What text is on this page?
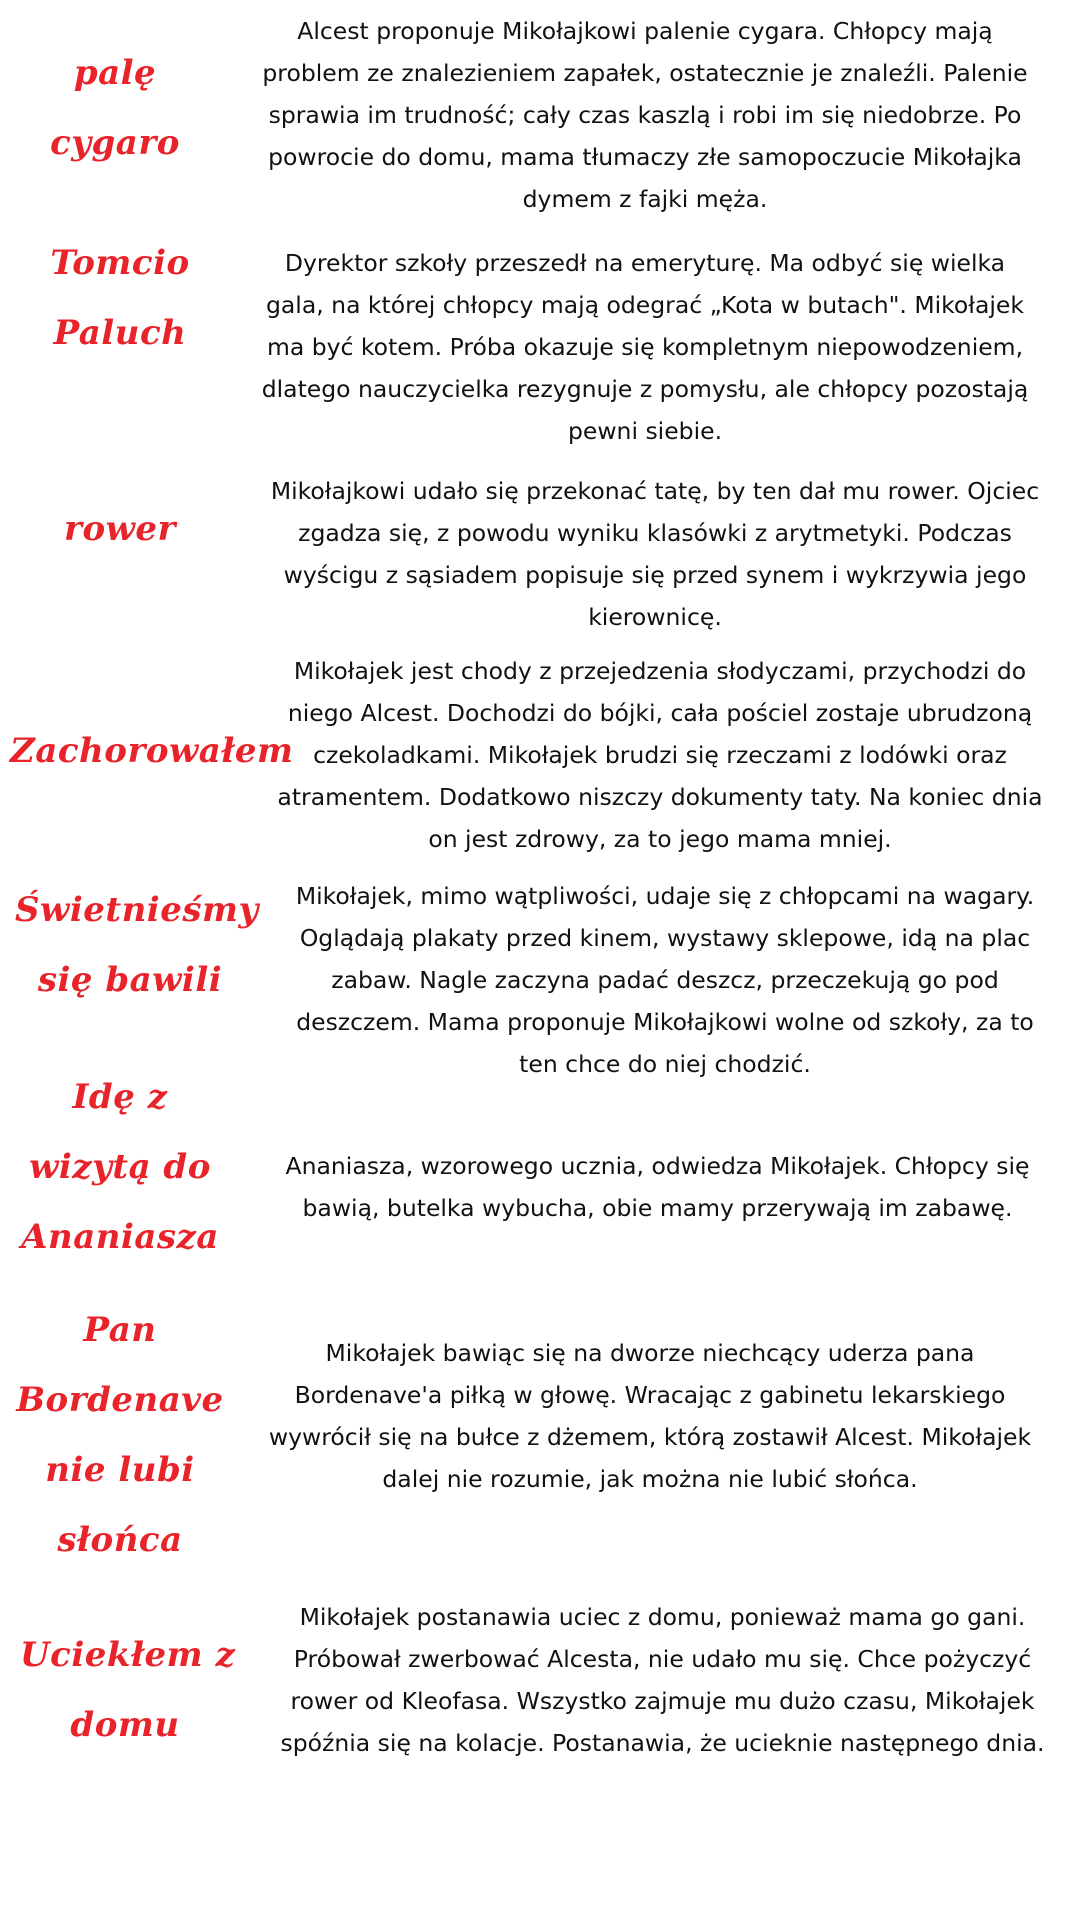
palę
cygaro
Alcest proponuje Mikołajkowi palenie cygara. Chłopcy mają
problem ze znalezieniem zapałek, ostatecznie je znaleźli. Palenie
sprawia im trudność; cały czas kaszlą i robi im się niedobrze. Po
powrocie do domu, mama tłumaczy złe samopoczucie Mikołajka
dymem z fajki męża.
Tomcio
Paluch
Dyrektor szkoły przeszedł na emeryturę. Ma odbyć się wielka
gala, na której chłopcy mają odegrać „Kota w butach". Mikołajek
ma być kotem. Próba okazuje się kompletnym niepowodzeniem,
dlatego nauczycielka rezygnuje z pomysłu, ale chłopcy pozostają
pewni siebie.
rower
Mikołajkowi udało się przekonać tatę, by ten dał mu rower. Ojciec
zgadza się, z powodu wyniku klasówki z arytmetyki. Podczas
wyścigu z sąsiadem popisuje się przed synem i wykrzywia jego
kierownicę.
Zachorowałem
Mikołajek jest chody z przejedzenia słodyczami, przychodzi do
niego Alcest. Dochodzi do bójki, cała pościel zostaje ubrudzoną
czekoladkami. Mikołajek brudzi się rzeczami z lodówki oraz
atramentem. Dodatkowo niszczy dokumenty taty. Na koniec dnia
on jest zdrowy, za to jego mama mniej.
Świetnieśmy
się bawili
Mikołajek, mimo wątpliwości, udaje się z chłopcami na wagary.
Oglądają plakaty przed kinem, wystawy sklepowe, idą na plac
zabaw. Nagle zaczyna padać deszcz, przeczekują go pod
deszczem. Mama proponuje Mikołajkowi wolne od szkoły, za to
ten chce do niej chodzić.
Idę z
wizytą do
Ananiasza
Ananiasza, wzorowego ucznia, odwiedza Mikołajek. Chłopcy się
bawią, butelka wybucha, obie mamy przerywają im zabawę.
Pan
Bordenave
nie lubi
słońca
Mikołajek bawiąc się na dworze niechcący uderza pana
Bordenave'a piłką w głowę. Wracając z gabinetu lekarskiego
wywrócił się na bułce z dżemem, którą zostawił Alcest. Mikołajek
dalej nie rozumie, jak można nie lubić słońca.
Uciekłem z
domu
Mikołajek postanawia uciec z domu, ponieważ mama go gani.
Próbował zwerbować Alcesta, nie udało mu się. Chce pożyczyć
rower od Kleofasa. Wszystko zajmuje mu dużo czasu, Mikołajek
spóźnia się na kolacje. Postanawia, że ucieknie następnego dnia.
